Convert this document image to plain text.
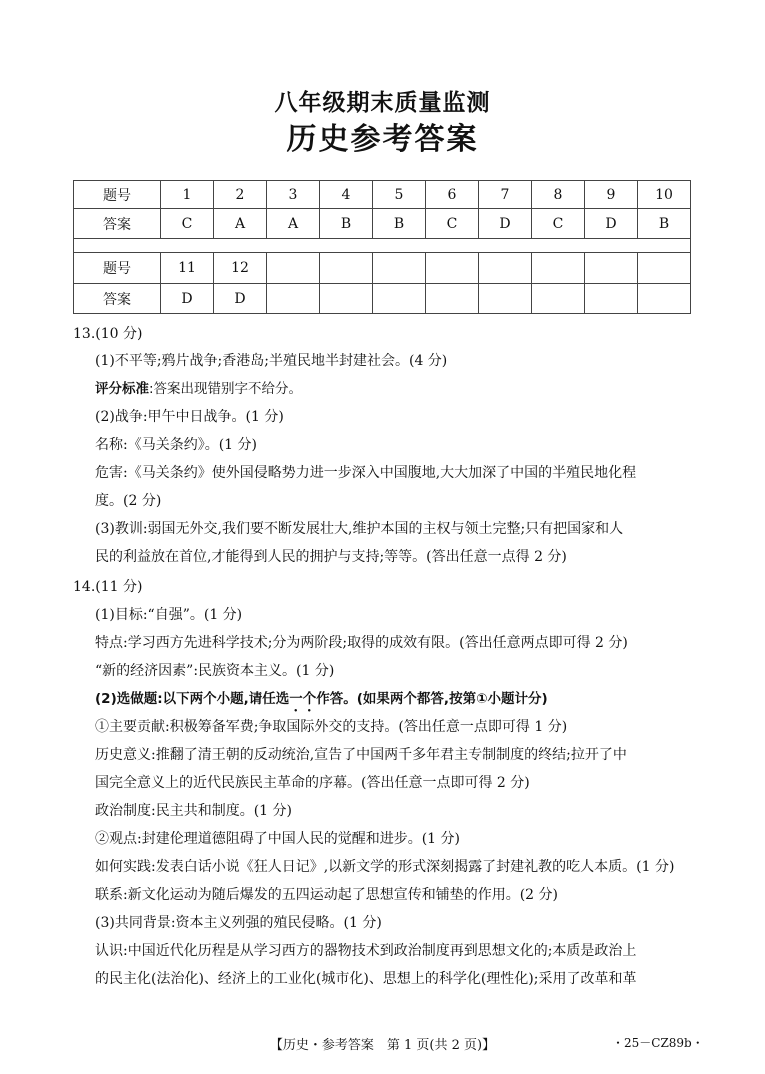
八年级期末质量监测
历史参考答案
题号	1	2	3	4	5	6	7	8	9	10
答案	C	A	A	B	B	C	D	C	D	B

题号	11	12								
答案	D	D								
13.(10 分)
(1)不平等;鸦片战争;香港岛;半殖民地半封建社会。(4 分)
评分标准:答案出现错别字不给分。
(2)战争:甲午中日战争。(1 分)
名称:《马关条约》。(1 分)
危害:《马关条约》使外国侵略势力进一步深入中国腹地,大大加深了中国的半殖民地化程
度。(2 分)
(3)教训:弱国无外交,我们要不断发展壮大,维护本国的主权与领土完整;只有把国家和人
民的利益放在首位,才能得到人民的拥护与支持;等等。(答出任意一点得 2 分)
14.(11 分)
(1)目标:“自强”。(1 分)
特点:学习西方先进科学技术;分为两阶段;取得的成效有限。(答出任意两点即可得 2 分)
“新的经济因素”:民族资本主义。(1 分)
(2)选做题:以下两个小题,请任选一个作答。(如果两个都答,按第①小题计分)
①主要贡献:积极筹备军费;争取国际外交的支持。(答出任意一点即可得 1 分)
历史意义:推翻了清王朝的反动统治,宣告了中国两千多年君主专制制度的终结;拉开了中
国完全意义上的近代民族民主革命的序幕。(答出任意一点即可得 2 分)
政治制度:民主共和制度。(1 分)
②观点:封建伦理道德阻碍了中国人民的觉醒和进步。(1 分)
如何实践:发表白话小说《狂人日记》,以新文学的形式深刻揭露了封建礼教的吃人本质。(1 分)
联系:新文化运动为随后爆发的五四运动起了思想宣传和铺垫的作用。(2 分)
(3)共同背景:资本主义列强的殖民侵略。(1 分)
认识:中国近代化历程是从学习西方的器物技术到政治制度再到思想文化的;本质是政治上
的民主化(法治化)、经济上的工业化(城市化)、思想上的科学化(理性化);采用了改革和革
【历史・参考答案　第 1 页(共 2 页)】	・25－CZ89b・
